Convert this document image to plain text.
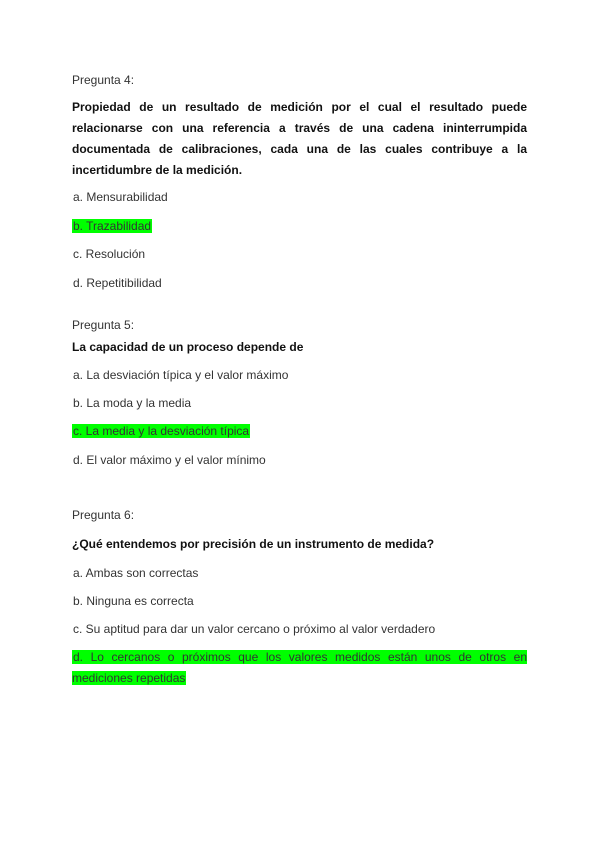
Pregunta 4:

Propiedad de un resultado de medición por el cual el resultado puede relacionarse con una referencia a través de una cadena ininterrumpida documentada de calibraciones, cada una de las cuales contribuye a la incertidumbre de la medición.

a. Mensurabilidad

b. Trazabilidad

c. Resolución

d. Repetitibilidad

Pregunta 5:

La capacidad de un proceso depende de

a. La desviación típica y el valor máximo

b. La moda y la media

c. La media y la desviación típica

d. El valor máximo y el valor mínimo

Pregunta 6:

¿Qué entendemos por precisión de un instrumento de medida?

a. Ambas son correctas

b. Ninguna es correcta

c. Su aptitud para dar un valor cercano o próximo al valor verdadero

d. Lo cercanos o próximos que los valores medidos están unos de otros en mediciones repetidas
